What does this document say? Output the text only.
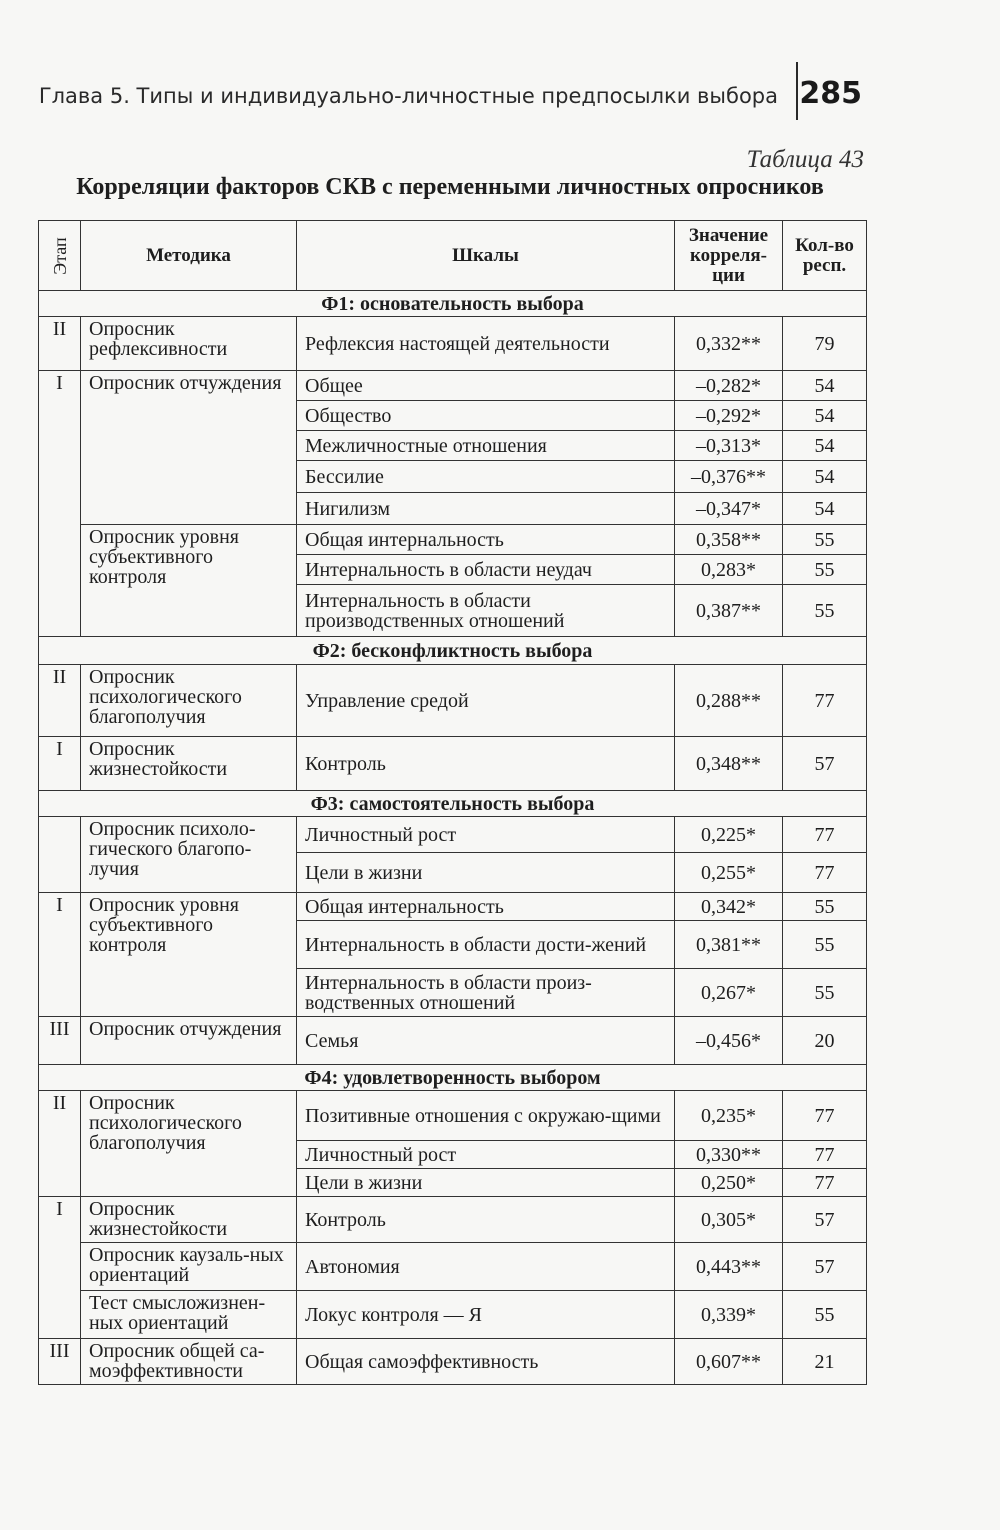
Глава 5. Типы и индивидуально-личностные предпосылки выбора 285
Таблица 43
Корреляции факторов СКВ с переменными личностных опросников
Этап	Методика	Шкалы	Значение корреля-ции	Кол-во респ.
Ф1: основательность выбора				
II	Опросник рефлексивности	Рефлексия настоящей деятельности	0,332**	79
I	Опросник отчуждения	Общее	–0,282*	54
		Общество	–0,292*	54
		Межличностные отношения	–0,313*	54
		Бессилие	–0,376**	54
		Нигилизм	–0,347*	54
	Опросник уровня субъективного контроля	Общая интернальность	0,358**	55
		Интернальность в области неудач	0,283*	55
		Интернальность в области производственных отношений	0,387**	55
Ф2: бесконфликтность выбора				
II	Опросник психологического благополучия	Управление средой	0,288**	77
I	Опросник жизнестойкости	Контроль	0,348**	57
Ф3: самостоятельность выбора				
	Опросник психоло-гического благопо-лучия	Личностный рост	0,225*	77
		Цели в жизни	0,255*	77
I	Опросник уровня субъективного контроля	Общая интернальность	0,342*	55
		Интернальность в области дости-жений	0,381**	55
		Интернальность в области произ-водственных отношений	0,267*	55
III	Опросник отчуждения	Семья	–0,456*	20
Ф4: удовлетворенность выбором				
II	Опросник психологического благополучия	Позитивные отношения с окружаю-щими	0,235*	77
		Личностный рост	0,330**	77
		Цели в жизни	0,250*	77
I	Опросник жизнестойкости	Контроль	0,305*	57
	Опросник каузаль-ных ориентаций	Автономия	0,443**	57
	Тест смысложизнен-ных ориентаций	Локус контроля — Я	0,339*	55
III	Опросник общей са-моэффективности	Общая самоэффективность	0,607**	21
